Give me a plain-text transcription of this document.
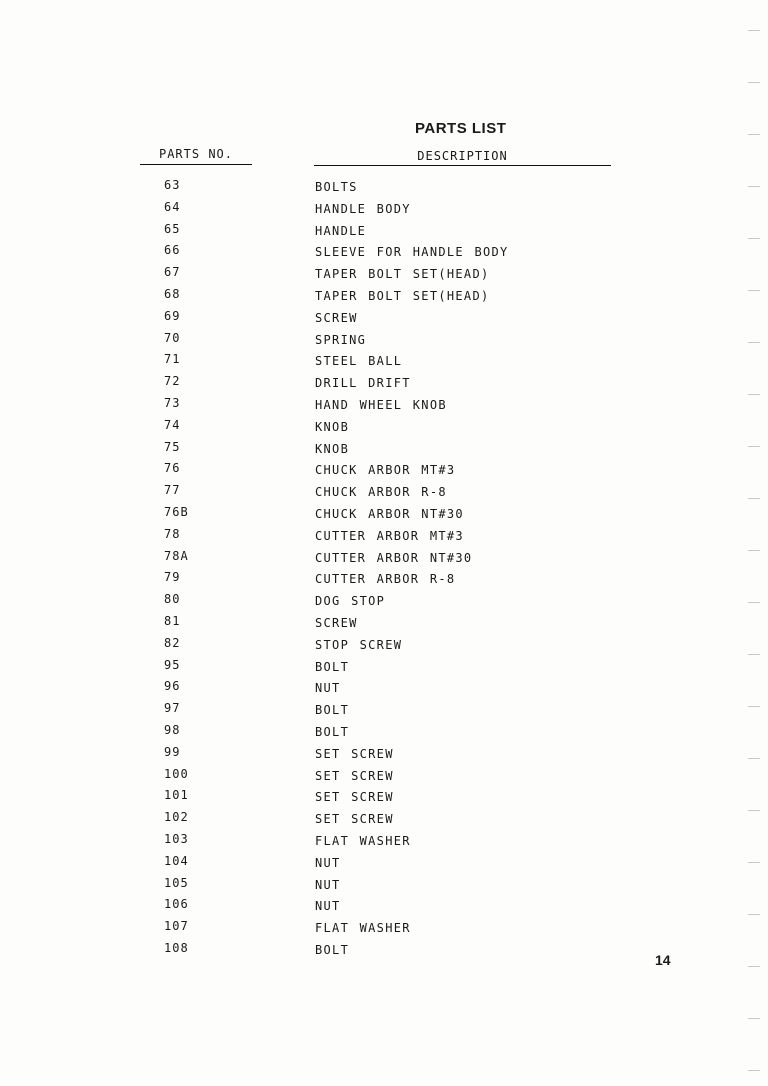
PARTS LIST
PARTS NO.	DESCRIPTION
63	BOLTS
64	HANDLE BODY
65	HANDLE
66	SLEEVE FOR HANDLE BODY
67	TAPER BOLT SET(HEAD)
68	TAPER BOLT SET(HEAD)
69	SCREW
70	SPRING
71	STEEL BALL
72	DRILL DRIFT
73	HAND WHEEL KNOB
74	KNOB
75	KNOB
76	CHUCK ARBOR MT#3
77	CHUCK ARBOR R-8
76B	CHUCK ARBOR NT#30
78	CUTTER ARBOR MT#3
78A	CUTTER ARBOR NT#30
79	CUTTER ARBOR R-8
80	DOG STOP
81	SCREW
82	STOP SCREW
95	BOLT
96	NUT
97	BOLT
98	BOLT
99	SET SCREW
100	SET SCREW
101	SET SCREW
102	SET SCREW
103	FLAT WASHER
104	NUT
105	NUT
106	NUT
107	FLAT WASHER
108	BOLT
14
